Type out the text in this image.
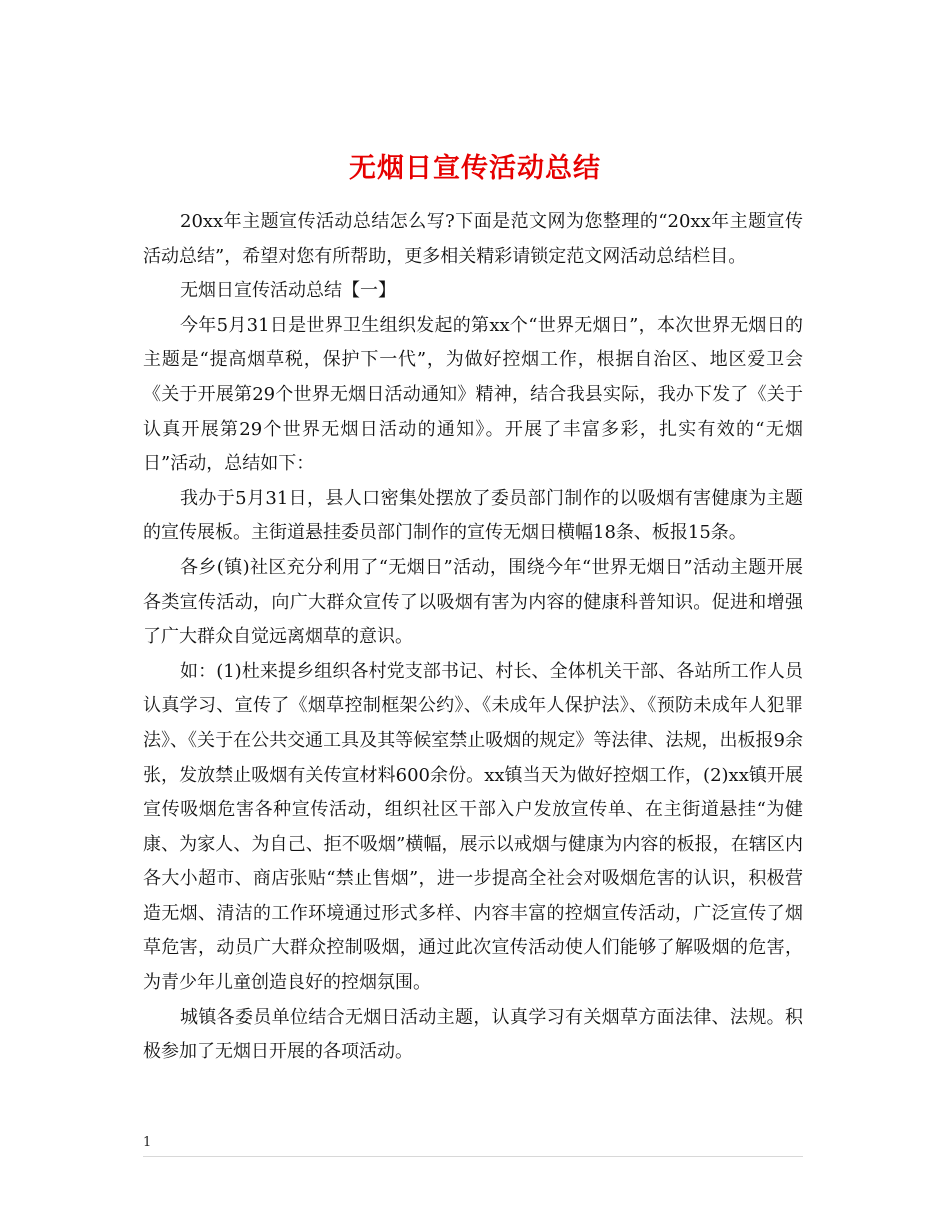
无烟日宣传活动总结

20xx年主题宣传活动总结怎么写?下面是范文网为您整理的“20xx年主题宣传活动总结”，希望对您有所帮助，更多相关精彩请锁定范文网活动总结栏目。

无烟日宣传活动总结【一】

今年5月31日是世界卫生组织发起的第xx个“世界无烟日”，本次世界无烟日的主题是“提高烟草税，保护下一代”，为做好控烟工作，根据自治区、地区爱卫会《关于开展第29个世界无烟日活动通知》精神，结合我县实际，我办下发了《关于认真开展第29个世界无烟日活动的通知》。开展了丰富多彩，扎实有效的“无烟日”活动，总结如下：

我办于5月31日，县人口密集处摆放了委员部门制作的以吸烟有害健康为主题的宣传展板。主街道悬挂委员部门制作的宣传无烟日横幅18条、板报15条。

各乡(镇)社区充分利用了“无烟日”活动，围绕今年“世界无烟日”活动主题开展各类宣传活动，向广大群众宣传了以吸烟有害为内容的健康科普知识。促进和增强了广大群众自觉远离烟草的意识。

如：(1)杜来提乡组织各村党支部书记、村长、全体机关干部、各站所工作人员认真学习、宣传了《烟草控制框架公约》、《未成年人保护法》、《预防未成年人犯罪法》、《关于在公共交通工具及其等候室禁止吸烟的规定》等法律、法规，出板报9余张，发放禁止吸烟有关传宣材料600余份。xx镇当天为做好控烟工作，(2)xx镇开展宣传吸烟危害各种宣传活动，组织社区干部入户发放宣传单、在主街道悬挂“为健康、为家人、为自己、拒不吸烟”横幅，展示以戒烟与健康为内容的板报，在辖区内各大小超市、商店张贴“禁止售烟”，进一步提高全社会对吸烟危害的认识，积极营造无烟、清洁的工作环境通过形式多样、内容丰富的控烟宣传活动，广泛宣传了烟草危害，动员广大群众控制吸烟，通过此次宣传活动使人们能够了解吸烟的危害，为青少年儿童创造良好的控烟氛围。

城镇各委员单位结合无烟日活动主题，认真学习有关烟草方面法律、法规。积极参加了无烟日开展的各项活动。

1
